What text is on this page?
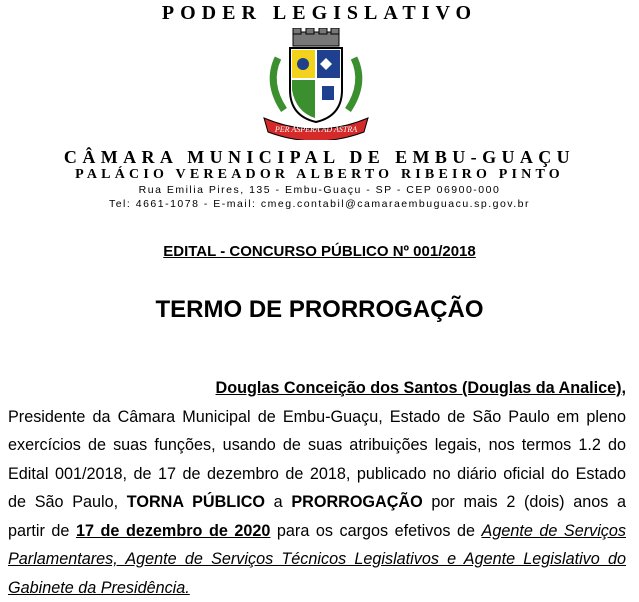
PODER LEGISLATIVO
PER ASPERA AD ASTRA
CÂMARA MUNICIPAL DE EMBU-GUAÇU
PALÁCIO VEREADOR ALBERTO RIBEIRO PINTO
Rua Emilia Pires, 135 - Embu-Guaçu - SP - CEP 06900-000
Tel: 4661-1078 - E-mail: cmeg.contabil@camaraembuguacu.sp.gov.br
EDITAL - CONCURSO PÚBLICO Nº 001/2018
TERMO DE PRORROGAÇÃO
Douglas Conceição dos Santos (Douglas da Analice),
Presidente da Câmara Municipal de Embu-Guaçu, Estado de São Paulo em pleno
exercícios de suas funções, usando de suas atribuições legais, nos termos 1.2 do
Edital 001/2018, de 17 de dezembro de 2018, publicado no diário oficial do Estado
de São Paulo, TORNA PÚBLICO a PRORROGAÇÃO por mais 2 (dois) anos a
partir de 17 de dezembro de 2020 para os cargos efetivos de Agente de Serviços
Parlamentares, Agente de Serviços Técnicos Legislativos e Agente Legislativo do
Gabinete da Presidência.
